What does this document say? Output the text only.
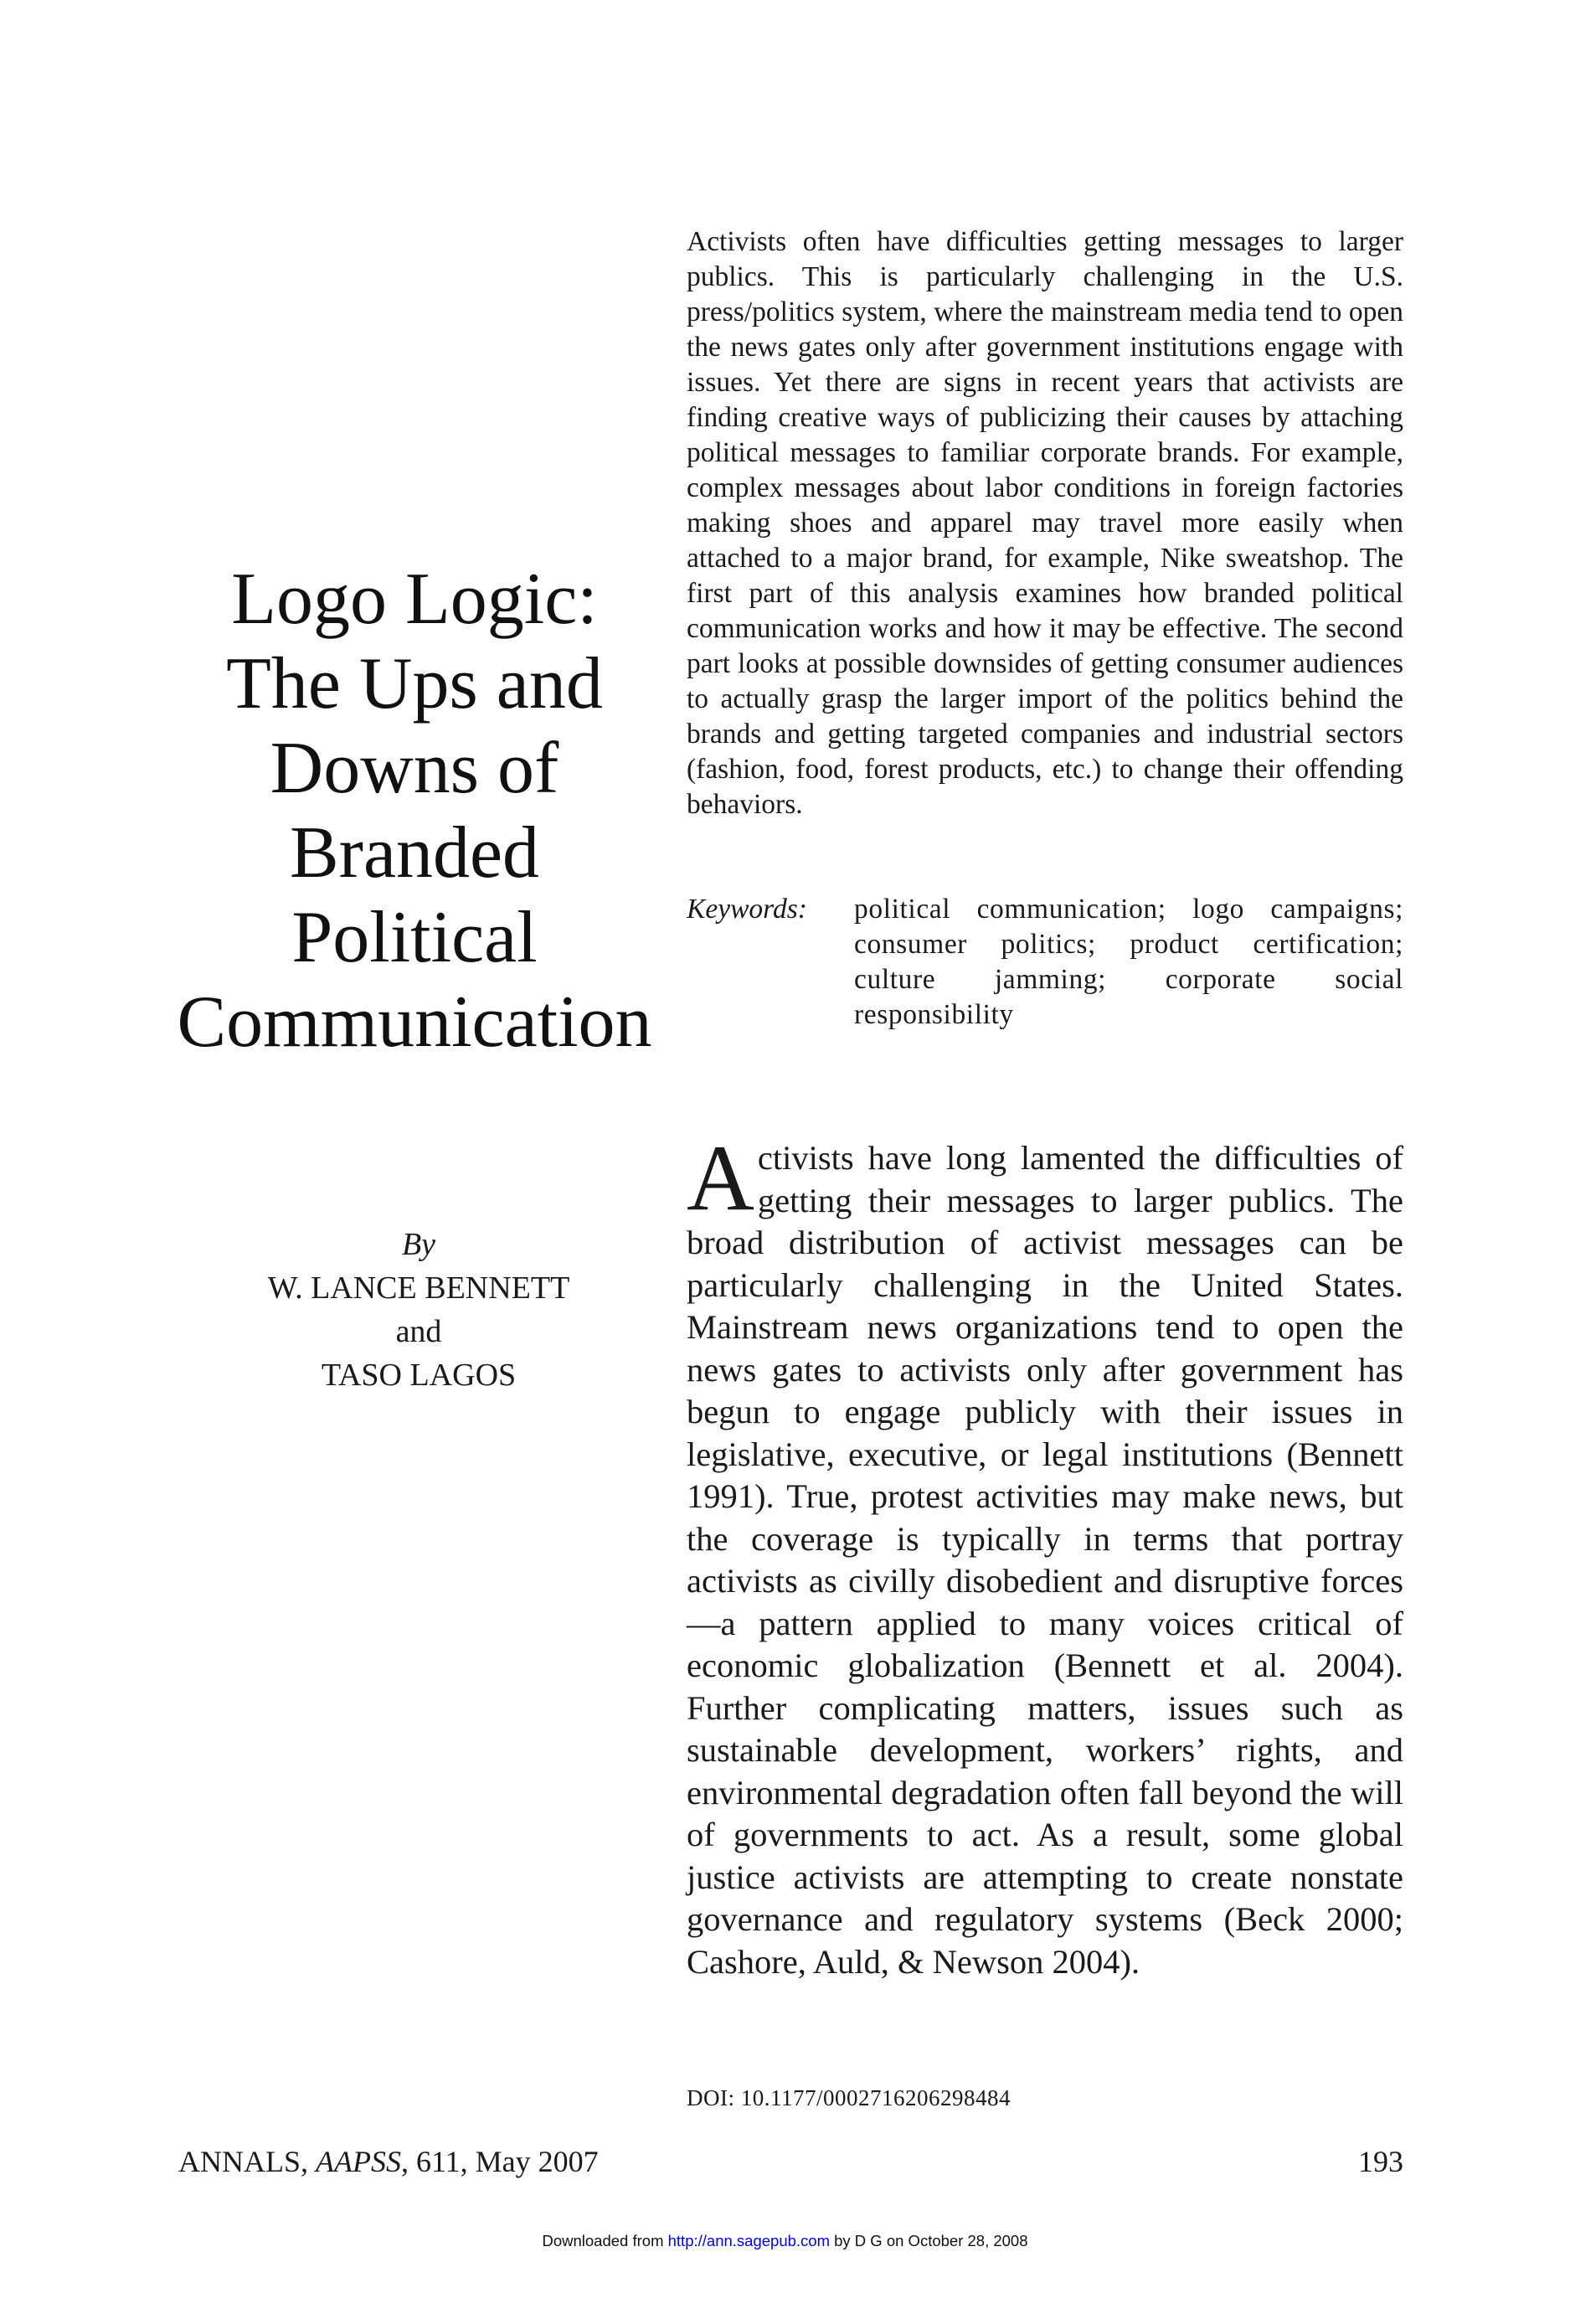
Logo Logic:
The Ups and
Downs of
Branded
Political
Communication
By
W. LANCE BENNETT
and
TASO LAGOS
Activists often have difficulties getting messages to larger publics. This is particularly challenging in the U.S. press/politics system, where the mainstream media tend to open the news gates only after government institutions engage with issues. Yet there are signs in recent years that activists are finding creative ways of publicizing their causes by attaching political messages to familiar corporate brands. For example, complex messages about labor conditions in foreign factories making shoes and apparel may travel more easily when attached to a major brand, for example, Nike sweatshop. The first part of this analysis examines how branded political communication works and how it may be effective. The second part looks at possible downsides of getting consumer audiences to actually grasp the larger import of the politics behind the brands and getting targeted companies and industrial sectors (fashion, food, forest products, etc.) to change their offending behaviors.
Keywords: political communication; logo campaigns; consumer politics; product certification; culture jamming; corporate social responsibility
A ctivists have long lamented the difficulties of getting their messages to larger publics. The broad distribution of activist messages can be particularly challenging in the United States. Mainstream news organizations tend to open the news gates to activists only after government has begun to engage publicly with their issues in legislative, executive, or legal institutions (Bennett 1991). True, protest activities may make news, but the coverage is typically in terms that portray activists as civilly disobedient and disruptive forces—a pattern applied to many voices critical of economic globalization (Bennett et al. 2004). Further complicating matters, issues such as sustainable development, workers’ rights, and environmental degradation often fall beyond the will of governments to act. As a result, some global justice activists are attempting to create nonstate governance and regulatory systems (Beck 2000; Cashore, Auld, & Newson 2004).
DOI: 10.1177/0002716206298484
ANNALS, AAPSS, 611, May 2007	193
Downloaded from http://ann.sagepub.com by D G on October 28, 2008
